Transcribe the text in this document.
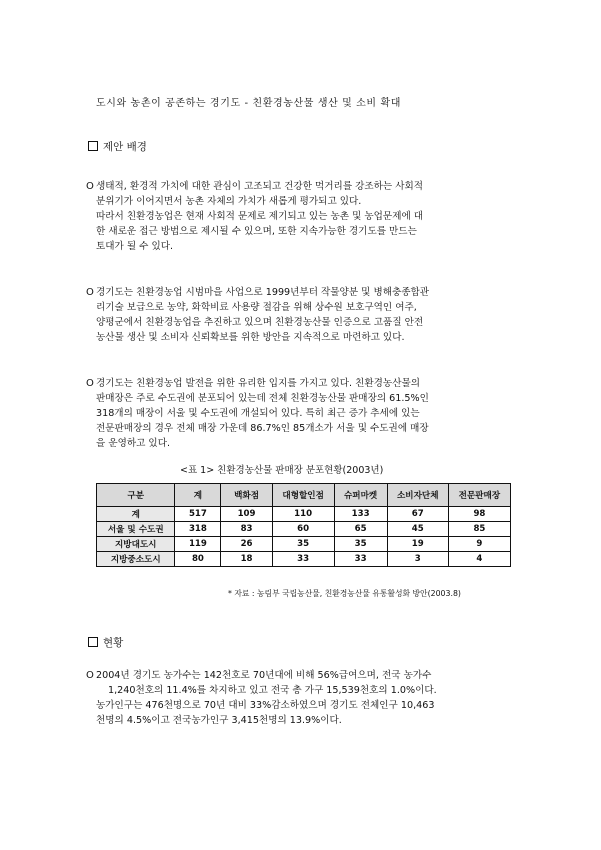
도시와 농촌이 공존하는 경기도 - 친환경농산물 생산 및 소비 확대
제안 배경
O 생태적, 환경적 가치에 대한 관심이 고조되고 건강한 먹거리를 강조하는 사회적
분위기가 이어지면서 농촌 자체의 가치가 새롭게 평가되고 있다.
따라서 친환경농업은 현재 사회적 문제로 제기되고 있는 농촌 및 농업문제에 대
한 새로운 접근 방법으로 제시될 수 있으며, 또한 지속가능한 경기도를 만드는
토대가 될 수 있다.
O 경기도는 친환경농업 시범마을 사업으로 1999년부터 작물양분 및 병해충종합관
리기술 보급으로 농약, 화학비료 사용량 절감을 위해 상수원 보호구역인 여주,
양평군에서 친환경농업을 추진하고 있으며 친환경농산물 인증으로 고품질 안전
농산물 생산 및 소비자 신뢰확보를 위한 방안을 지속적으로 마련하고 있다.
O 경기도는 친환경농업 발전을 위한 유리한 입지를 가지고 있다. 친환경농산물의
판매장은 주로 수도권에 분포되어 있는데 전체 친환경농산물 판매장의 61.5%인
318개의 매장이 서울 및 수도권에 개설되어 있다. 특히 최근 증가 추세에 있는
전문판매장의 경우 전체 매장 가운데 86.7%인 85개소가 서울 및 수도권에 매장
을 운영하고 있다.
<표 1> 친환경농산물 판매장 분포현황(2003년)
구분	계	백화점	대형할인점	슈퍼마켓	소비자단체	전문판매장
계	517	109	110	133	67	98
서울 및 수도권	318	83	60	65	45	85
지방대도시	119	26	35	35	19	9
지방중소도시	80	18	33	33	3	4
* 자료 : 농림부 국립농산물, 친환경농산물 유통활성화 방안(2003.8)
현황
O 2004년 경기도 농가수는 142천호로 70년대에 비해 56%급여으며, 전국 농가수
1,240천호의 11.4%를 차지하고 있고 전국 총 가구 15,539천호의 1.0%이다.
농가인구는 476천명으로 70년 대비 33%감소하였으며 경기도 전체인구 10,463
천명의 4.5%이고 전국농가인구 3,415천명의 13.9%이다.
